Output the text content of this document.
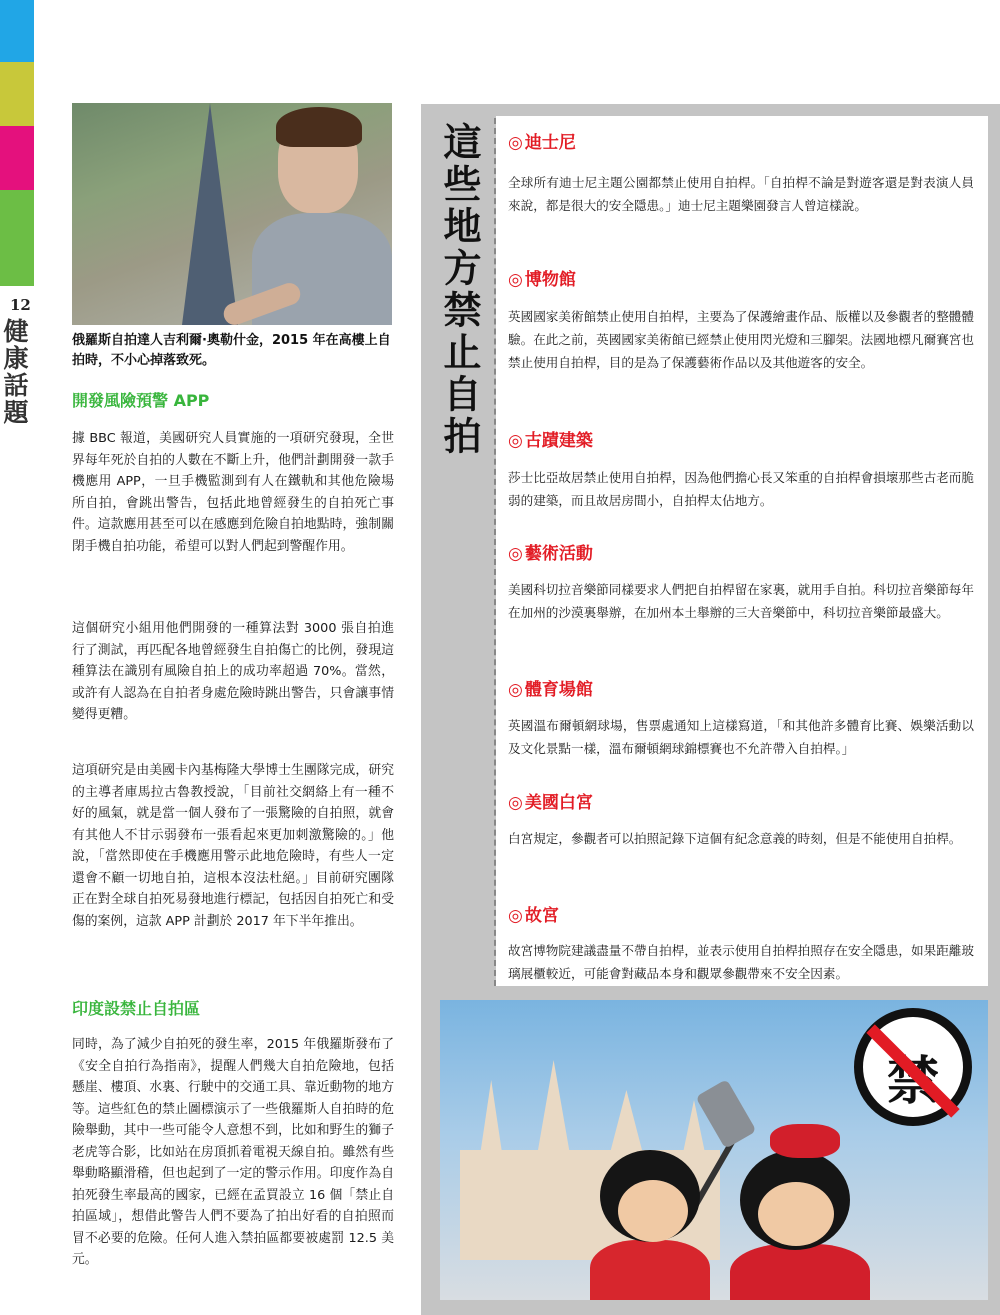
12
健康話題	俄羅斯自拍達人吉利爾·奧勒什金，2015 年在高樓上自拍時，不小心掉落致死。
開發風險預警 APP

據 BBC 報道，美國研究人員實施的一項研究發現，全世界每年死於自拍的人數在不斷上升，他們計劃開發一款手機應用 APP，一旦手機監測到有人在鐵軌和其他危險場所自拍，會跳出警告，包括此地曾經發生的自拍死亡事件。這款應用甚至可以在感應到危險自拍地點時，強制關閉手機自拍功能，希望可以對人們起到警醒作用。

這個研究小組用他們開發的一種算法對 3000 張自拍進行了測試，再匹配各地曾經發生自拍傷亡的比例，發現這種算法在識別有風險自拍上的成功率超過 70%。當然，或許有人認為在自拍者身處危險時跳出警告，只會讓事情變得更糟。

這項研究是由美國卡內基梅隆大學博士生團隊完成，研究的主導者庫馬拉古魯教授說，「目前社交網絡上有一種不好的風氣，就是當一個人發布了一張驚險的自拍照，就會有其他人不甘示弱發布一張看起來更加刺激驚險的。」他說，「當然即使在手機應用警示此地危險時，有些人一定還會不顧一切地自拍，這根本沒法杜絕。」目前研究團隊正在對全球自拍死易發地進行標記，包括因自拍死亡和受傷的案例，這款 APP 計劃於 2017 年下半年推出。

印度設禁止自拍區

同時，為了減少自拍死的發生率，2015 年俄羅斯發布了《安全自拍行為指南》，提醒人們幾大自拍危險地，包括懸崖、樓頂、水裏、行駛中的交通工具、靠近動物的地方等。這些紅色的禁止圖標演示了一些俄羅斯人自拍時的危險舉動，其中一些可能令人意想不到，比如和野生的獅子老虎等合影，比如站在房頂抓着電視天線自拍。雖然有些舉動略顯滑稽，但也起到了一定的警示作用。印度作為自拍死發生率最高的國家，已經在孟買設立 16 個「禁止自拍區域」，想借此警告人們不要為了拍出好看的自拍照而冒不必要的危險。任何人進入禁拍區都要被處罰 12.5 美元。

這些地方禁止自拍 ◎ 迪士尼

全球所有迪士尼主題公園都禁止使用自拍桿。「自拍桿不論是對遊客還是對表演人員來說，都是很大的安全隱患。」迪士尼主題樂園發言人曾這樣說。

◎ 博物館

英國國家美術館禁止使用自拍桿，主要為了保護繪畫作品、版權以及參觀者的整體體驗。在此之前，英國國家美術館已經禁止使用閃光燈和三腳架。法國地標凡爾賽宮也禁止使用自拍桿，目的是為了保護藝術作品以及其他遊客的安全。

◎ 古蹟建築

莎士比亞故居禁止使用自拍桿，因為他們擔心長又笨重的自拍桿會損壞那些古老而脆弱的建築，而且故居房間小，自拍桿太佔地方。

◎ 藝術活動

美國科切拉音樂節同樣要求人們把自拍桿留在家裏，就用手自拍。科切拉音樂節每年在加州的沙漠裏舉辦，在加州本土舉辦的三大音樂節中，科切拉音樂節最盛大。

◎ 體育場館

英國溫布爾頓網球場，售票處通知上這樣寫道，「和其他許多體育比賽、娛樂活動以及文化景點一樣，溫布爾頓網球錦標賽也不允許帶入自拍桿。」

◎ 美國白宮

白宮規定，參觀者可以拍照記錄下這個有紀念意義的時刻，但是不能使用自拍桿。

◎ 故宮

故宮博物院建議盡量不帶自拍桿，並表示使用自拍桿拍照存在安全隱患，如果距離玻璃展櫃較近，可能會對藏品本身和觀眾參觀帶來不安全因素。

禁
